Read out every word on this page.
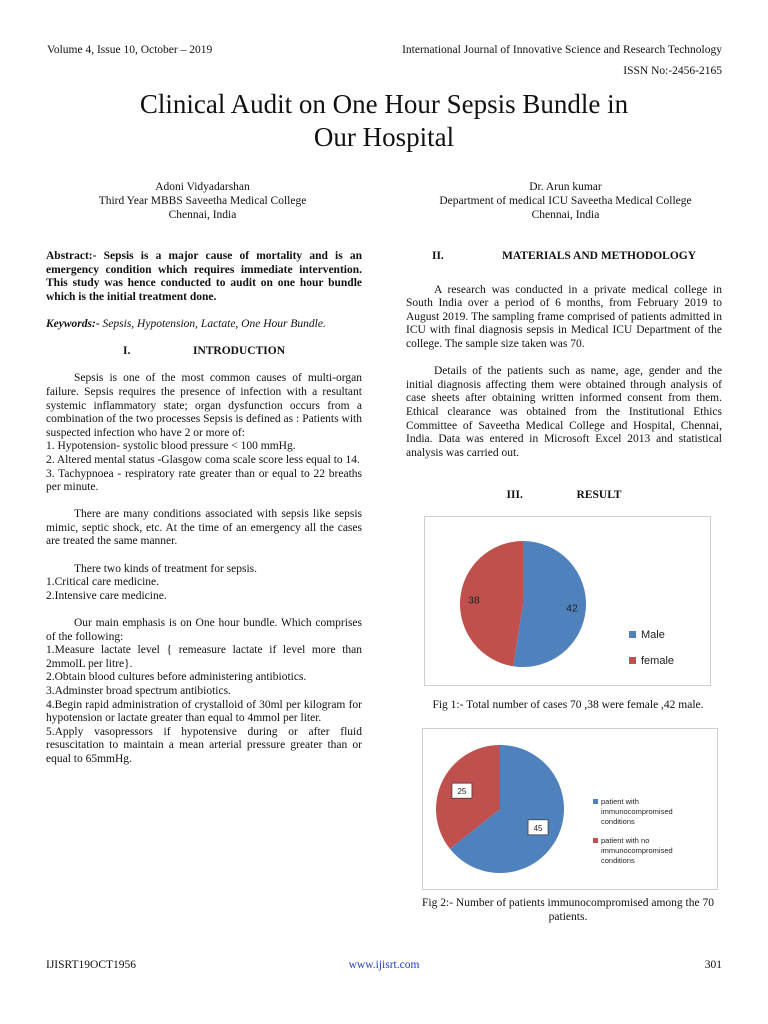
Volume 4, Issue 10, October – 2019	International Journal of Innovative Science and Research Technology
ISSN No:-2456-2165
Clinical Audit on One Hour Sepsis Bundle in
Our Hospital
Adoni Vidyadarshan
Third Year MBBS Saveetha Medical College
Chennai, India
Dr. Arun kumar
Department of medical ICU Saveetha Medical College
Chennai, India

Abstract:- Sepsis is a major cause of mortality and is an emergency condition which requires immediate intervention. This study was hence conducted to audit on one hour bundle which is the initial treatment done.

Keywords:- Sepsis, Hypotension, Lactate, One Hour Bundle.

I.	INTRODUCTION
Sepsis is one of the most common causes of multi-organ failure. Sepsis requires the presence of infection with a resultant systemic inflammatory state; organ dysfunction occurs from a combination of the two processes Sepsis is defined as : Patients with suspected infection who have 2 or more of:
1. Hypotension- systolic blood pressure < 100 mmHg.
2. Altered mental status -Glasgow coma scale score less equal to 14.
3. Tachypnoea - respiratory rate greater than or equal to 22 breaths per minute.

There are many conditions associated with sepsis like sepsis mimic, septic shock, etc. At the time of an emergency all the cases are treated the same manner.

There two kinds of treatment for sepsis.
1.Critical care medicine.
2.Intensive care medicine.
Our main emphasis is on One hour bundle. Which comprises of the following:
1.Measure lactate level { remeasure lactate if level more than 2mmolL per litre}.
2.Obtain blood cultures before administering antibiotics.
3.Adminster broad spectrum antibiotics.
4.Begin rapid administration of crystalloid of 30ml per kilogram for hypotension or lactate greater than equal to 4mmol per liter.
5.Apply vasopressors if hypotensive during or after fluid resuscitation to maintain a mean arterial pressure greater than or equal to 65mmHg.
II.	MATERIALS AND METHODOLOGY

A research was conducted in a private medical college in South India over a period of 6 months, from February 2019 to August 2019. The sampling frame comprised of patients admitted in ICU with final diagnosis sepsis in Medical ICU Department of the college. The sample size taken was 70.

Details of the patients such as name, age, gender and the initial diagnosis affecting them were obtained through analysis of case sheets after obtaining written informed consent from them. Ethical clearance was obtained from the Institutional Ethics Committee of Saveetha Medical College and Hospital, Chennai, India. Data was entered in Microsoft Excel 2013 and statistical analysis was carried out.

III.	RESULT
42
38
Male
female
Fig 1:- Total number of cases 70 ,38 were female ,42 male.
45
25
patient with immunocompromised conditions
patient with no immunocompromised conditions
Fig 2:- Number of patients immunocompromised among the 70 patients.
IJISRT19OCT1956	www.ijisrt.com	301
